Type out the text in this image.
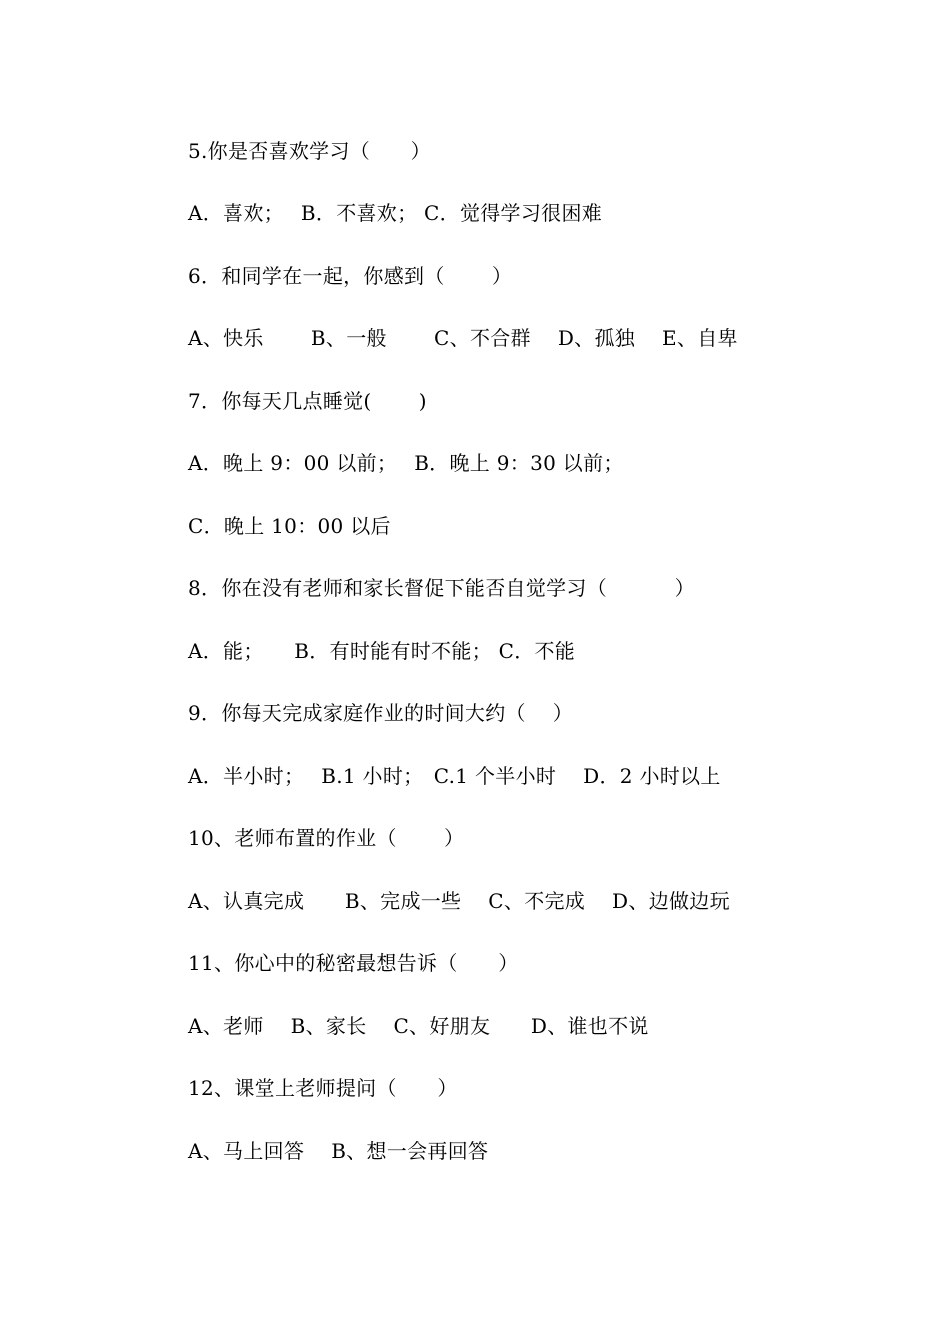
5.你是否喜欢学习（　　）
A．喜欢；　 B．不喜欢； C．觉得学习很困难
6．和同学在一起，你感到（　　 ）
A、快乐　　 B、一般　　 C、不合群　 D、孤独　 E、自卑
7．你每天几点睡觉(　　 )
A．晚上 9：00 以前；　 B．晚上 9：30 以前；
C．晚上 10：00 以后
8．你在没有老师和家长督促下能否自觉学习（　　　 ）
A．能；　　B．有时能有时不能； C．不能
9．你每天完成家庭作业的时间大约（　 ）
A．半小时；　 B.1 小时；　C.1 个半小时　 D．2 小时以上
10、老师布置的作业（　　 ）
A、认真完成　　B、完成一些　 C、不完成　 D、边做边玩
11、你心中的秘密最想告诉（　　）
A、老师　 B、家长　 C、好朋友　　D、谁也不说
12、课堂上老师提问（　　）
A、马上回答　 B、想一会再回答
